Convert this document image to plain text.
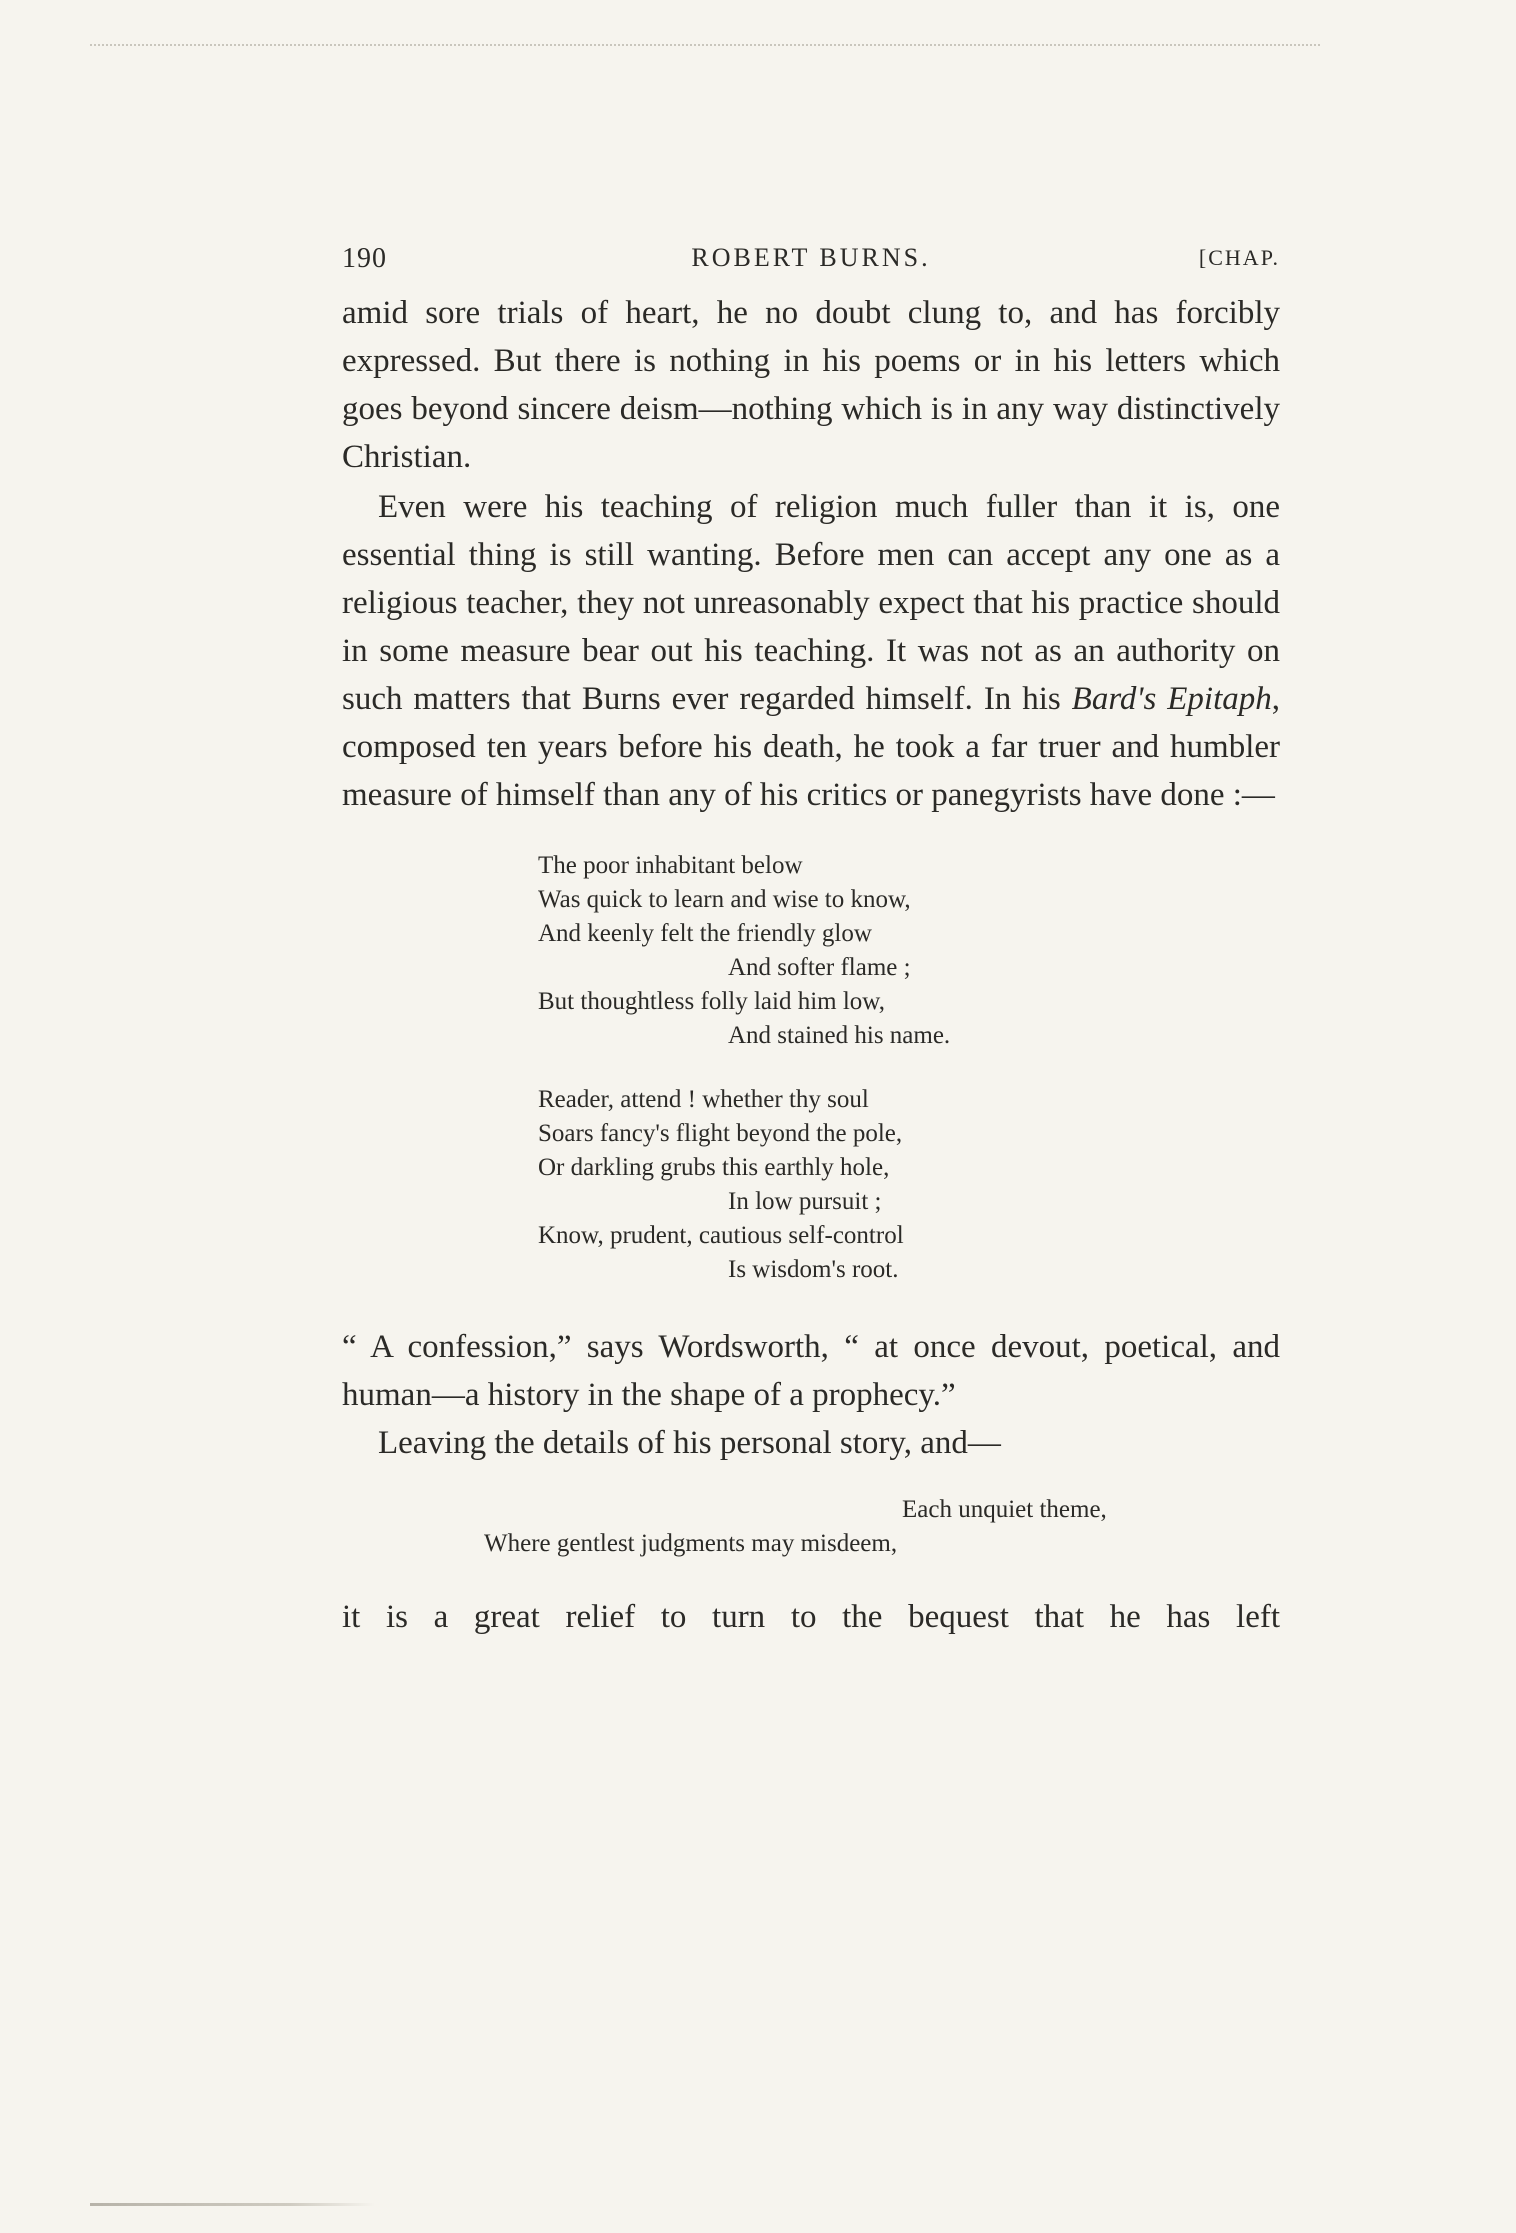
190	ROBERT BURNS.	[CHAP.

amid sore trials of heart, he no doubt clung to, and has forcibly expressed. But there is nothing in his poems or in his letters which goes beyond sincere deism—nothing which is in any way distinctively Christian.

Even were his teaching of religion much fuller than it is, one essential thing is still wanting. Before men can accept any one as a religious teacher, they not unreasonably expect that his practice should in some measure bear out his teaching. It was not as an authority on such matters that Burns ever regarded himself. In his Bard's Epitaph, composed ten years before his death, he took a far truer and humbler measure of himself than any of his critics or panegyrists have done :—

The poor inhabitant below
Was quick to learn and wise to know,
And keenly felt the friendly glow
And softer flame ;
But thoughtless folly laid him low,
And stained his name.
Reader, attend ! whether thy soul
Soars fancy's flight beyond the pole,
Or darkling grubs this earthly hole,
In low pursuit ;
Know, prudent, cautious self-control
Is wisdom's root.

“ A confession,” says Wordsworth, “ at once devout, poetical, and human—a history in the shape of a prophecy.”

Leaving the details of his personal story, and—

Each unquiet theme,
Where gentlest judgments may misdeem,

it is a great relief to turn to the bequest that he has left
